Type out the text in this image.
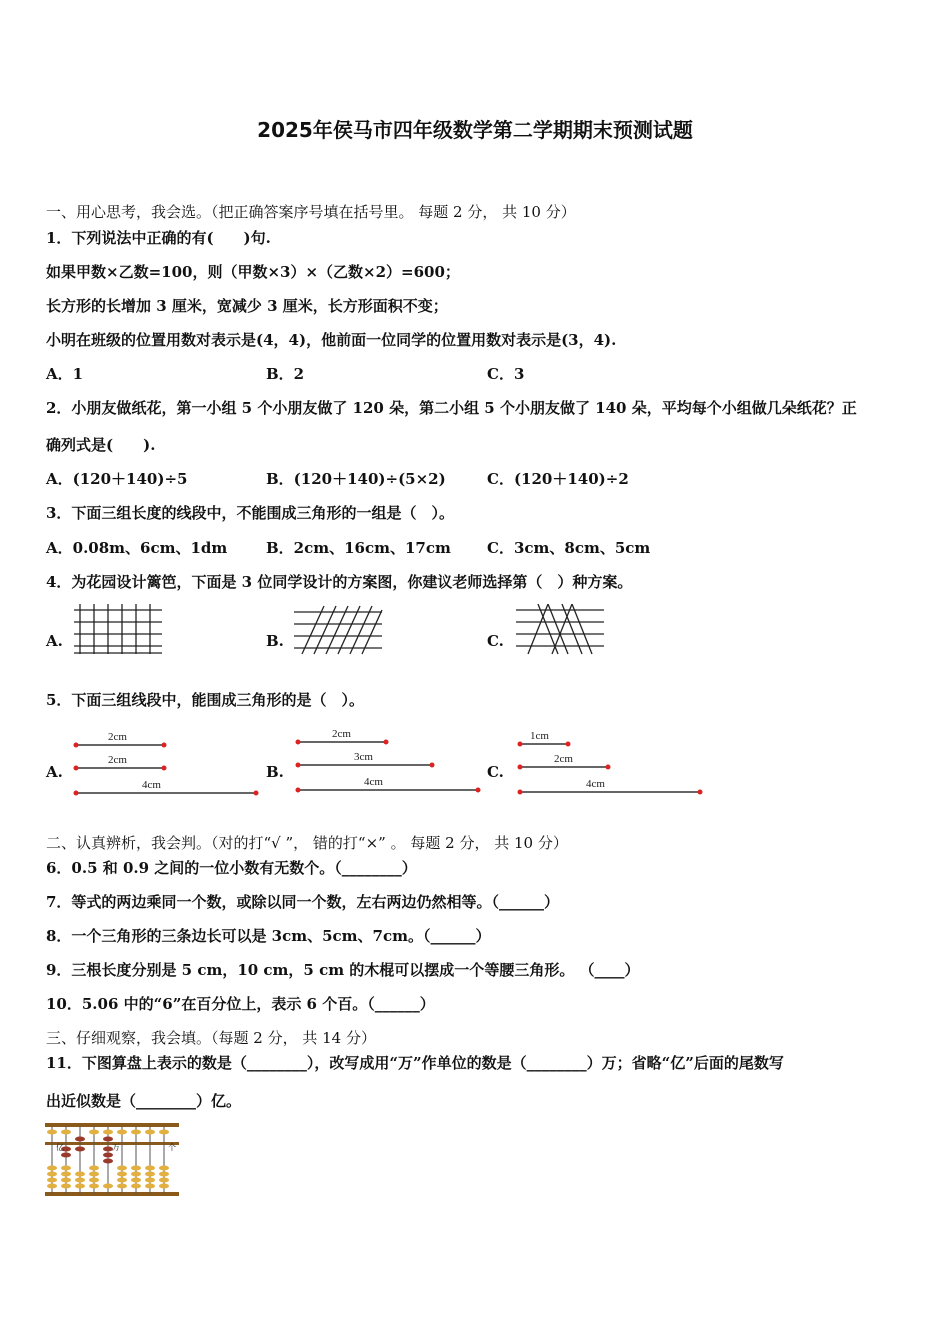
2025年侯马市四年级数学第二学期期末预测试题
一、用心思考，我会选。（把正确答案序号填在括号里。 每题 2 分， 共 10 分）
1．下列说法中正确的有(　　)句.
如果甲数×乙数=100，则（甲数×3）×（乙数×2）=600；
长方形的长增加 3 厘米，宽减少 3 厘米，长方形面积不变；
小明在班级的位置用数对表示是(4，4)，他前面一位同学的位置用数对表示是(3，4).
A．1	B．2	C．3
2．小朋友做纸花，第一小组 5 个小朋友做了 120 朵，第二小组 5 个小朋友做了 140 朵，平均每个小组做几朵纸花？正
确列式是(　　).
A．(120＋140)÷5	B．(120＋140)÷(5×2)	C．(120＋140)÷2
3．下面三组长度的线段中，不能围成三角形的一组是（　）。
A．0.08m、6cm、1dm	B．2cm、16cm、17cm C．3cm、8cm、5cm
4．为花园设计篱笆，下面是 3 位同学设计的方案图，你建议老师选择第（　）种方案。
A.	B.	C.
5．下面三组线段中，能围成三角形的是（　）。
A.	B.	C.
2cm
2cm
4cm
2cm
3cm
4cm
1cm
2cm
4cm
二、认真辨析，我会判。（对的打“√ ”， 错的打“×” 。 每题 2 分， 共 10 分）
6．0.5 和 0.9 之间的一位小数有无数个。（________）
7．等式的两边乘同一个数，或除以同一个数，左右两边仍然相等。（______）
8．一个三角形的三条边长可以是 3cm、5cm、7cm。（______）
9．三根长度分别是 5 cm，10 cm，5 cm 的木棍可以摆成一个等腰三角形。 （____）
10．5.06 中的“6”在百分位上，表示 6 个百。（______）
三、仔细观察，我会填。（每题 2 分， 共 14 分）
11．下图算盘上表示的数是（________），改写成用“万”作单位的数是（________）万；省略“亿”后面的尾数写
出近似数是（________）亿。
亿	万	个
